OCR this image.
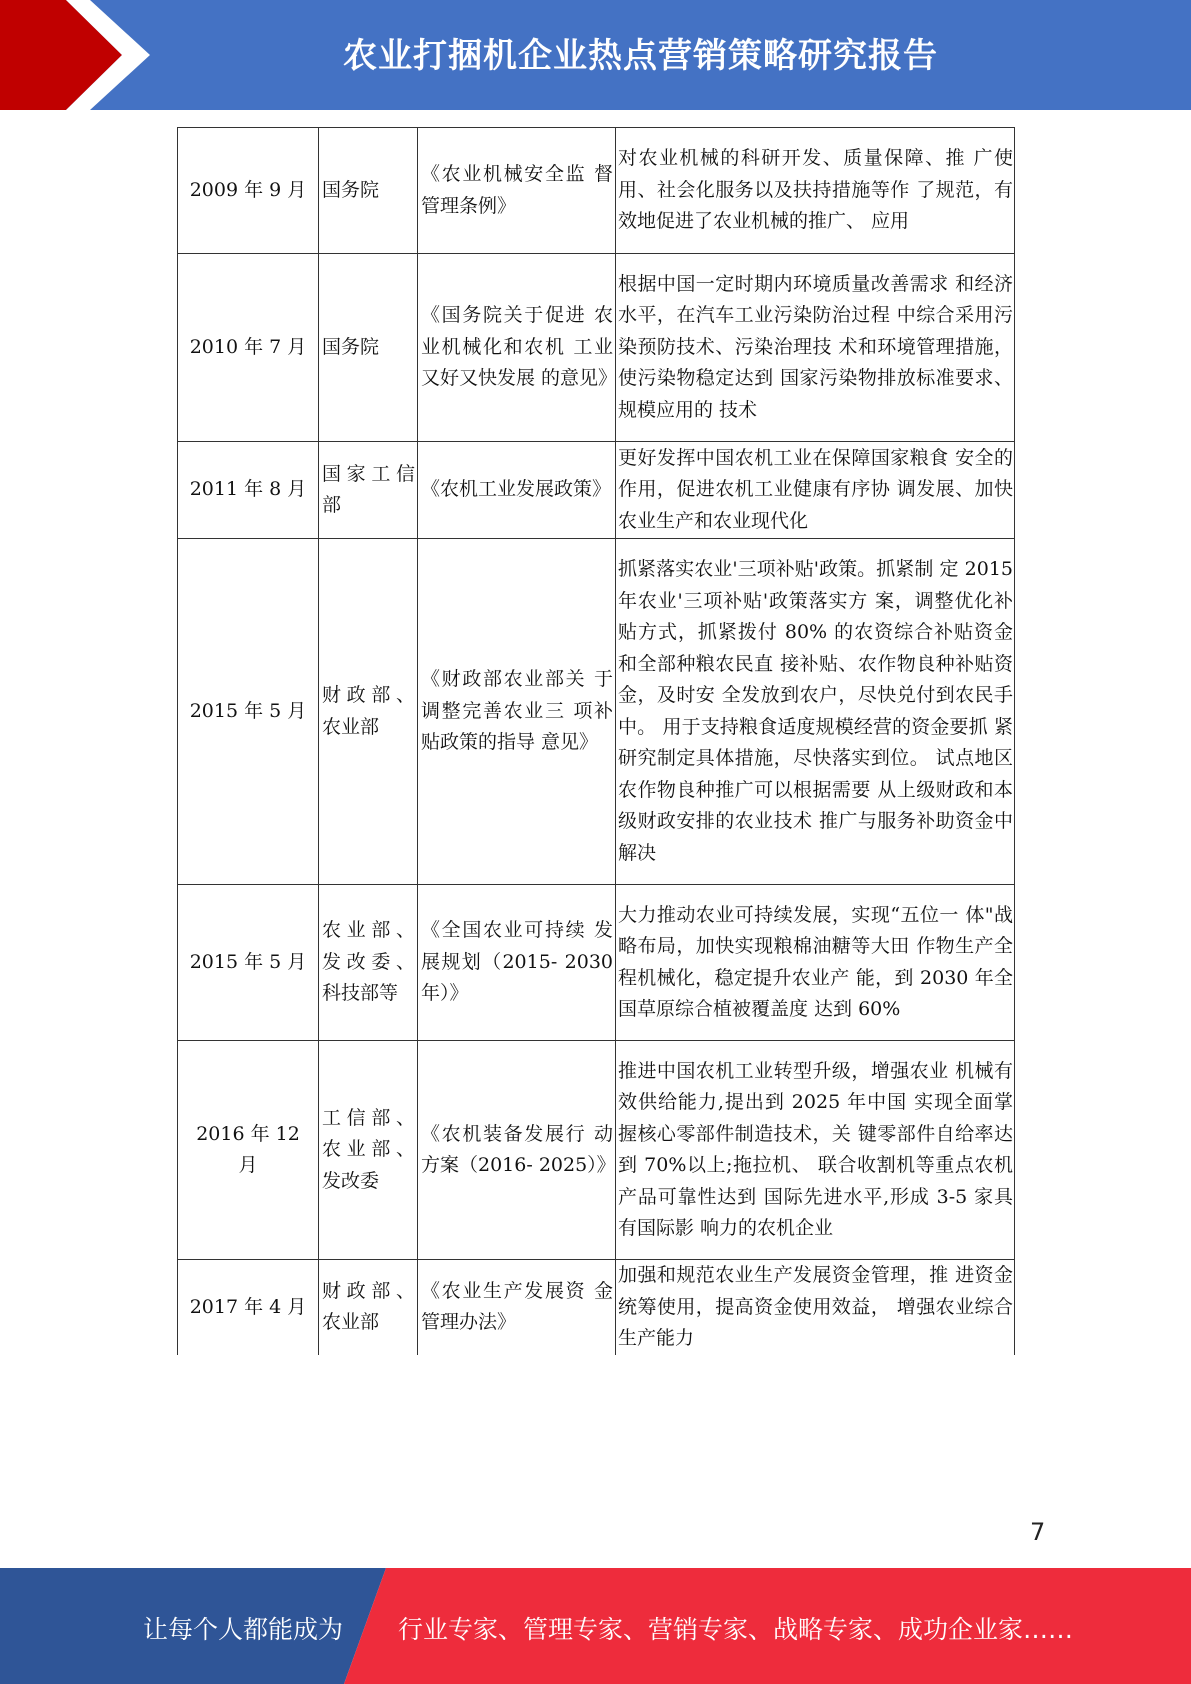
农业打捆机企业热点营销策略研究报告
2009 年 9 月	国务院	《农业机械安全监 督管理条例》	对农业机械的科研开发、质量保障、推 广使用、社会化服务以及扶持措施等作 了规范，有效地促进了农业机械的推广、 应用
2010 年 7 月	国务院	《国务院关于促进 农业机械化和农机 工业又好又快发展 的意见》	根据中国一定时期内环境质量改善需求 和经济水平，在汽车工业污染防治过程 中综合采用污染预防技术、污染治理技 术和环境管理措施，使污染物稳定达到 国家污染物排放标准要求、规模应用的 技术
2011 年 8 月	国家工信部	《农机工业发展政策》	更好发挥中国农机工业在保障国家粮食 安全的作用，促进农机工业健康有序协 调发展、加快农业生产和农业现代化
2015 年 5 月	财政部、农业部	《财政部农业部关 于调整完善农业三 项补贴政策的指导 意见》	抓紧落实农业'三项补贴'政策。抓紧制 定 2015 年农业'三项补贴'政策落实方 案，调整优化补贴方式，抓紧拨付 80% 的农资综合补贴资金和全部种粮农民直 接补贴、农作物良种补贴资金，及时安 全发放到农户，尽快兑付到农民手中。 用于支持粮食适度规模经营的资金要抓 紧研究制定具体措施，尽快落实到位。 试点地区农作物良种推广可以根据需要 从上级财政和本级财政安排的农业技术 推广与服务补助资金中解决
2015 年 5 月	农业部、发改委、科技部等	《全国农业可持续 发展规划（2015- 2030 年）》	大力推动农业可持续发展，实现“五位一 体"战略布局，加快实现粮棉油糖等大田 作物生产全程机械化，稳定提升农业产 能，到 2030 年全国草原综合植被覆盖度 达到 60%
2016 年 12 月	工信部、农业部、发改委	《农机装备发展行 动方案（2016- 2025）》	推进中国农机工业转型升级，增强农业 机械有效供给能力,提出到 2025 年中国 实现全面掌握核心零部件制造技术，关 键零部件自给率达到 70%以上;拖拉机、 联合收割机等重点农机产品可靠性达到 国际先进水平,形成 3-5 家具有国际影 响力的农机企业
2017 年 4 月	财政部、农业部	《农业生产发展资 金管理办法》	加强和规范农业生产发展资金管理，推 进资金统筹使用，提高资金使用效益， 增强农业综合生产能力
7
让每个人都能成为 行业专家、管理专家、营销专家、战略专家、成功企业家……
